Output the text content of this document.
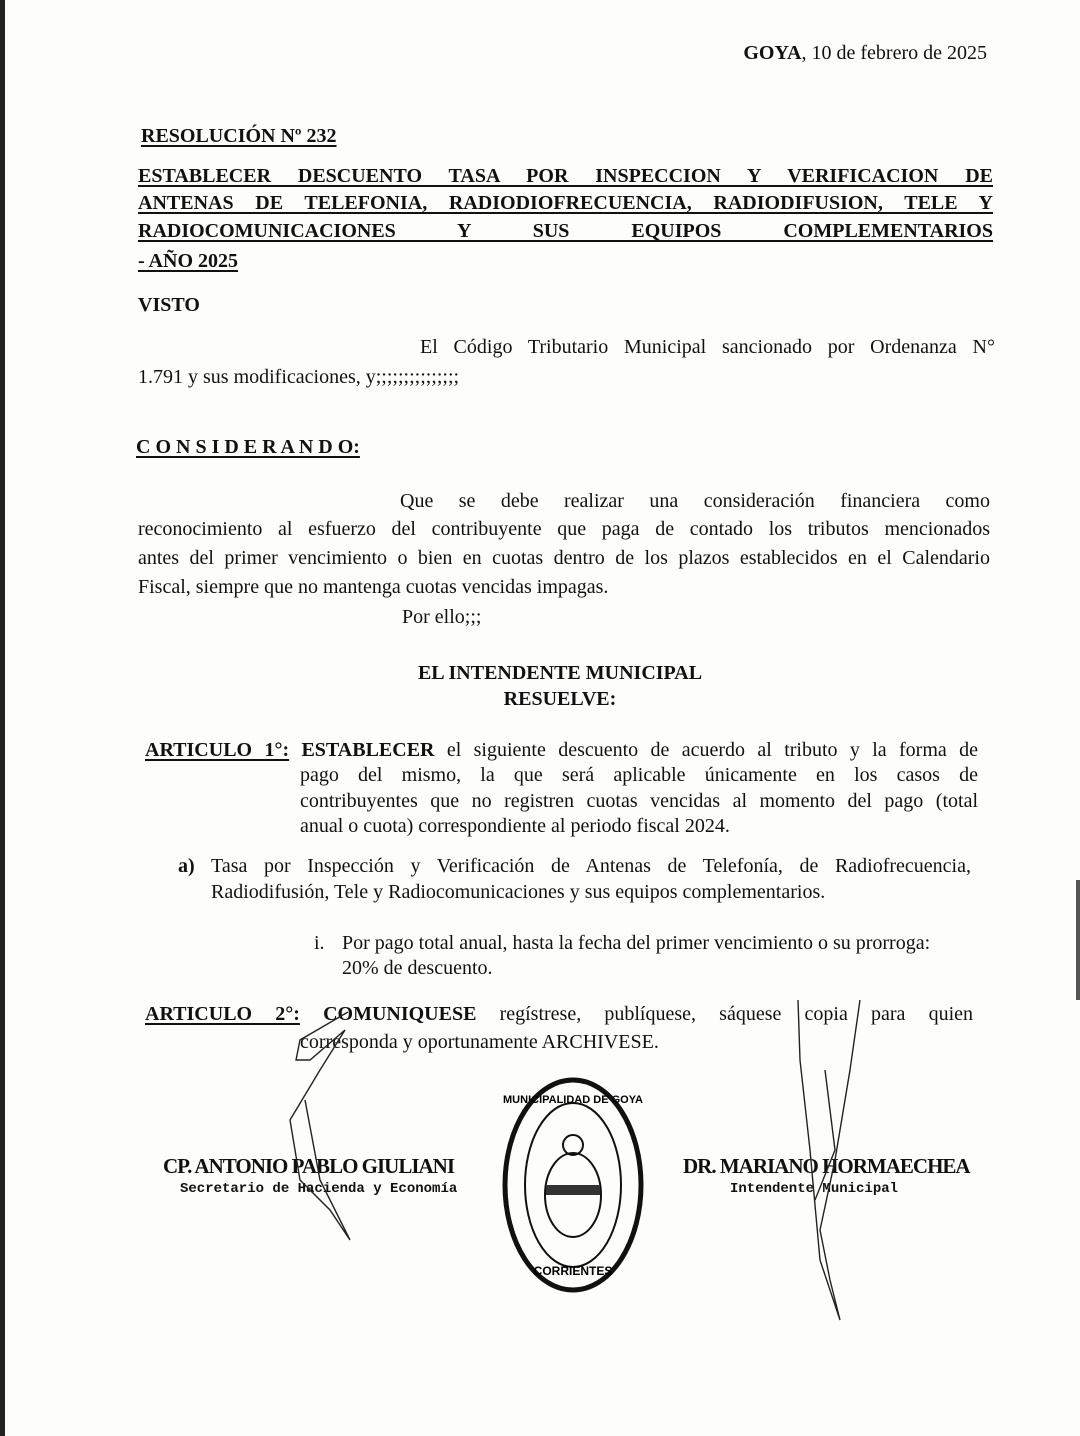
GOYA, 10 de febrero de 2025
RESOLUCIÓN Nº 232
ESTABLECER DESCUENTO TASA POR INSPECCION Y VERIFICACION DE
ANTENAS DE TELEFONIA, RADIODIOFRECUENCIA, RADIODIFUSION, TELE Y
RADIOCOMUNICACIONES Y SUS EQUIPOS COMPLEMENTARIOS
- AÑO 2025
VISTO
El Código Tributario Municipal sancionado por Ordenanza N°
1.791 y sus modificaciones, y;;;;;;;;;;;;;;;
C O N S I D E R A N D O:
Que se debe realizar una consideración financiera como
reconocimiento al esfuerzo del contribuyente que paga de contado los tributos mencionados
antes del primer vencimiento o bien en cuotas dentro de los plazos establecidos en el Calendario
Fiscal, siempre que no mantenga cuotas vencidas impagas.
Por ello;;;
EL INTENDENTE MUNICIPAL
RESUELVE:
ARTICULO 1°: ESTABLECER el siguiente descuento de acuerdo al tributo y la forma de
pago del mismo, la que será aplicable únicamente en los casos de
contribuyentes que no registren cuotas vencidas al momento del pago (total
anual o cuota) correspondiente al periodo fiscal 2024.
a) Tasa por Inspección y Verificación de Antenas de Telefonía, de Radiofrecuencia,
Radiodifusión, Tele y Radiocomunicaciones y sus equipos complementarios.
i. Por pago total anual, hasta la fecha del primer vencimiento o su prorroga:
20% de descuento.
ARTICULO 2°: COMUNIQUESE regístrese, publíquese, sáquese copia para quien
corresponda y oportunamente ARCHIVESE.
CP. ANTONIO PABLO GIULIANI
Secretario de Hacienda y Economía
DR. MARIANO HORMAECHEA
Intendente Municipal
MUNICIPALIDAD DE GOYA
CORRIENTES
